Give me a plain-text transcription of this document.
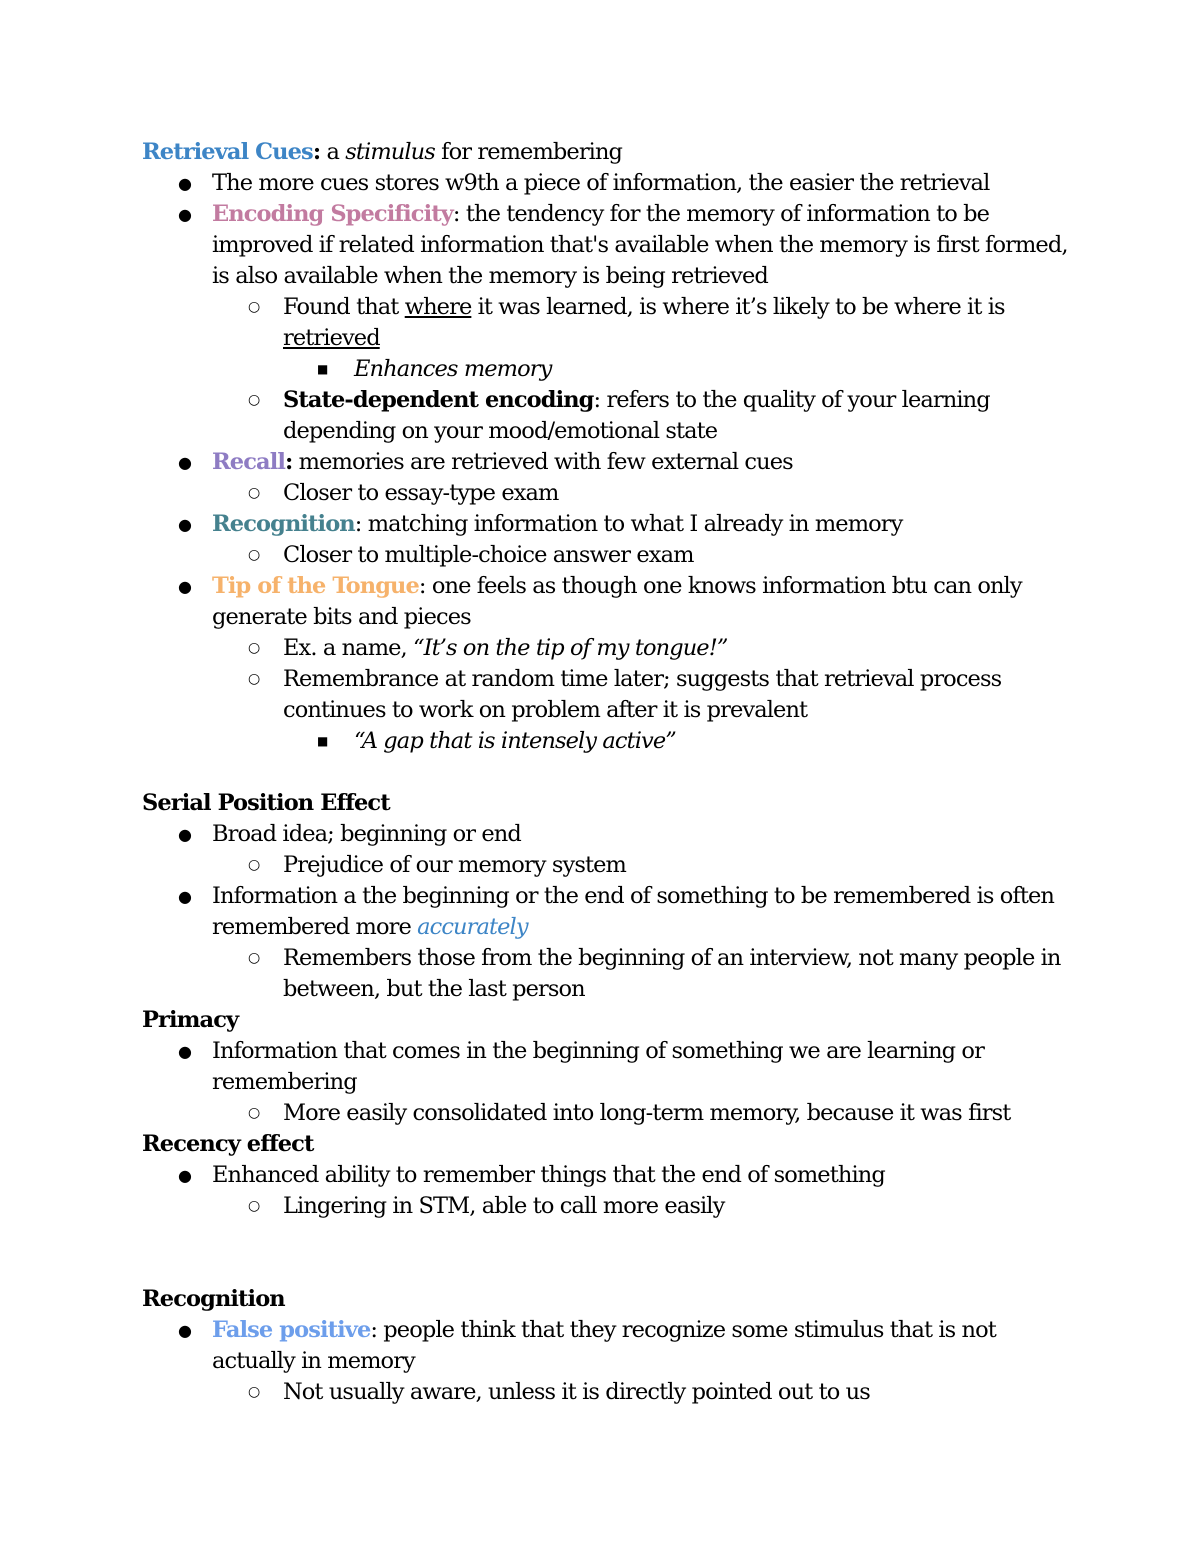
Retrieval Cues: a stimulus for remembering

● The more cues stores w9th a piece of information, the easier the retrieval
● Encoding Specificity: the tendency for the memory of information to be improved if related information that's available when the memory is first formed, is also available when the memory is being retrieved
○ Found that where it was learned, is where it’s likely to be where it is retrieved
■ Enhances memory
○ State-dependent encoding: refers to the quality of your learning depending on your mood/emotional state
● Recall: memories are retrieved with few external cues
○ Closer to essay-type exam
● Recognition: matching information to what I already in memory
○ Closer to multiple-choice answer exam
● Tip of the Tongue: one feels as though one knows information btu can only generate bits and pieces
○ Ex. a name, “It’s on the tip of my tongue!”
○ Remembrance at random time later; suggests that retrieval process continues to work on problem after it is prevalent
■ “A gap that is intensely active”

Serial Position Effect

● Broad idea; beginning or end
○ Prejudice of our memory system
● Information a the beginning or the end of something to be remembered is often remembered more accurately
○ Remembers those from the beginning of an interview, not many people in between, but the last person

Primacy

● Information that comes in the beginning of something we are learning or remembering
○ More easily consolidated into long-term memory, because it was first

Recency effect

● Enhanced ability to remember things that the end of something
○ Lingering in STM, able to call more easily

Recognition

● False positive: people think that they recognize some stimulus that is not actually in memory
○ Not usually aware, unless it is directly pointed out to us
